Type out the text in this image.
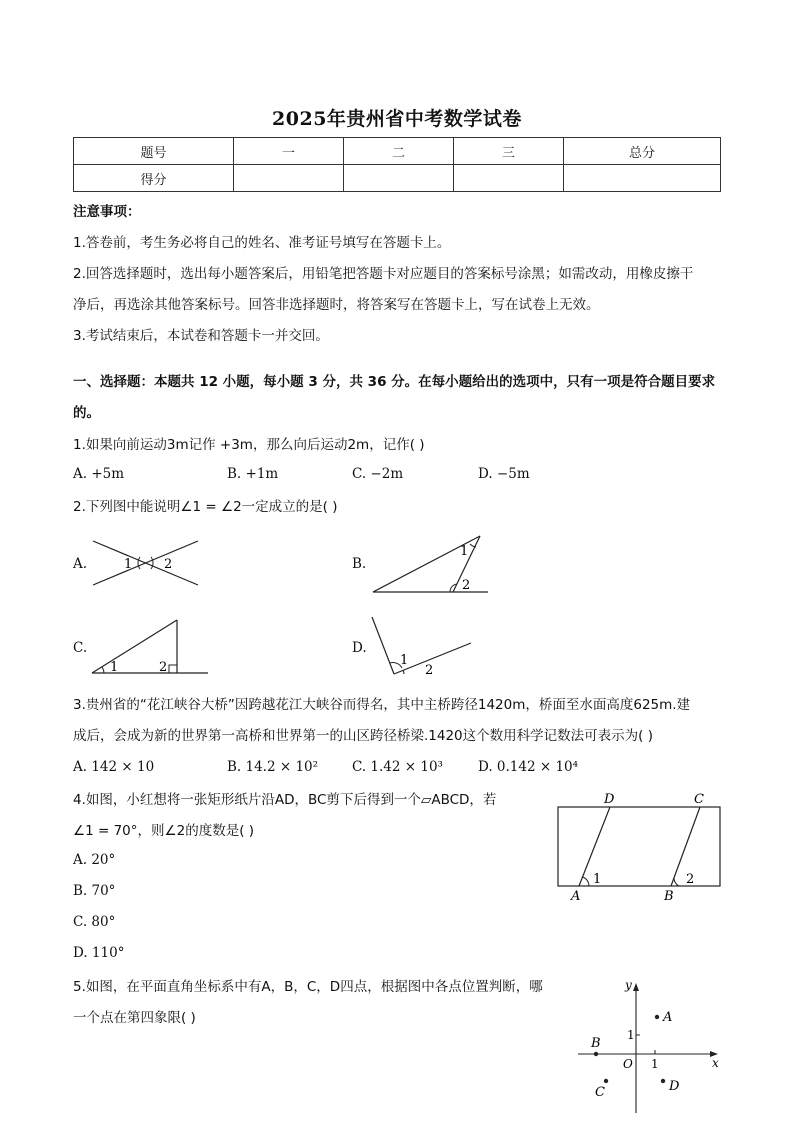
2025年贵州省中考数学试卷
题号	一	二	三	总分
得分				
注意事项：
1.答卷前，考生务必将自己的姓名、准考证号填写在答题卡上。
2.回答选择题时，选出每小题答案后，用铅笔把答题卡对应题目的答案标号涂黑；如需改动，用橡皮擦干
净后，再选涂其他答案标号。回答非选择题时，将答案写在答题卡上，写在试卷上无效。
3.考试结束后，本试卷和答题卡一并交回。
一、选择题：本题共 12 小题，每小题 3 分，共 36 分。在每小题给出的选项中，只有一项是符合题目要求
的。
1.如果向前运动3m记作 +3m，那么向后运动2m，记作( )
A. +5m	B. +1m	C. −2m	D. −5m
2.下列图中能说明∠1 = ∠2一定成立的是( )
A.	1 2	B.
1
2
C.
1	2
D.
1
2
3.贵州省的“花江峡谷大桥”因跨越花江大峡谷而得名，其中主桥跨径1420m，桥面至水面高度625m.建
成后，会成为新的世界第一高桥和世界第一的山区跨径桥梁.1420这个数用科学记数法可表示为( )
A. 142 × 10	B. 14.2 × 10²	C. 1.42 × 10³	D. 0.142 × 10⁴
4.如图，小红想将一张矩形纸片沿AD，BC剪下后得到一个▱ABCD，若
∠1 = 70°，则∠2的度数是( )
A. 20°
B. 70°
C. 80°
D. 110°
D	C
A	B
1	2
5.如图，在平面直角坐标系中有A，B，C，D四点，根据图中各点位置判断，哪
一个点在第四象限( )
x
y
O 1
1
A
B
C	D
